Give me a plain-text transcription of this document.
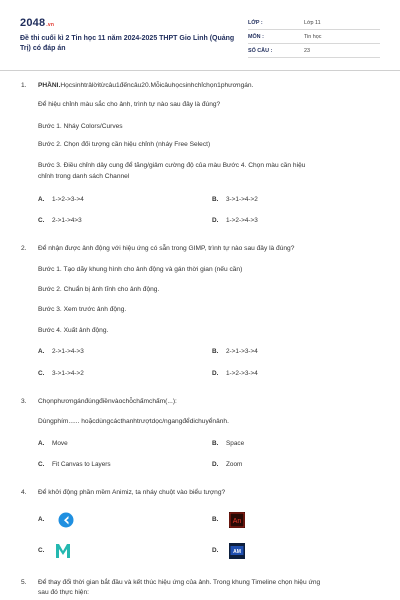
2048.vn
Đề thi cuối kì 2 Tin học 11 năm 2024-2025 THPT Gio Linh (Quảng Trị) có đáp án
LỚP :	Lớp 11
MÔN :	Tin học
SỐ CÂU :	23
1. PHẦNI.Họcsinhtrảlờitừcâu1đếncâu20.Mỗicâuhọcsinhchỉchọn1phươngán.
Để hiệu chỉnh màu sắc cho ảnh, trình tự nào sau đây là đúng?
Bước 1. Nháy Colors/Curves
Bước 2. Chọn đối tượng cần hiệu chỉnh (nháy Free Select)
Bước 3. Điều chỉnh dây cung để tăng/giảm cường độ của màu Bước 4. Chọn màu cần hiệu
chỉnh trong danh sách Channel
A. 1->2->3->4	B. 3->1->4->2
C. 2->1->4>3	D. 1->2->4->3
2. Để nhận được ảnh động với hiệu ứng có sẵn trong GIMP, trình tự nào sau đây là đúng?
Bước 1. Tạo dãy khung hình cho ảnh động và gán thời gian (nếu cần)
Bước 2. Chuẩn bị ảnh tĩnh cho ảnh động.
Bước 3. Xem trước ảnh động.
Bước 4. Xuất ảnh động.
A. 2->1->4->3	B. 2->1->3->4
C. 3->1->4->2	D. 1->2->3->4
3. Chọnphươngánđúngđiềnvàochỗchấmchấm(...):
Dùngphím...... hoặcdùngcácthanhtrượtdọc/ngangđểdichuyểnảnh.
A. Move	B. Space
C. Fit Canvas to Layers	D. Zoom
4. Để khởi động phần mềm Animiz, ta nháy chuột vào biểu tượng?
A.	B.	An
C.	D.	AM
5. Để thay đổi thời gian bắt đầu và kết thúc hiệu ứng của ảnh. Trong khung Timeline chọn hiệu ứng
sau đó thực hiện:
